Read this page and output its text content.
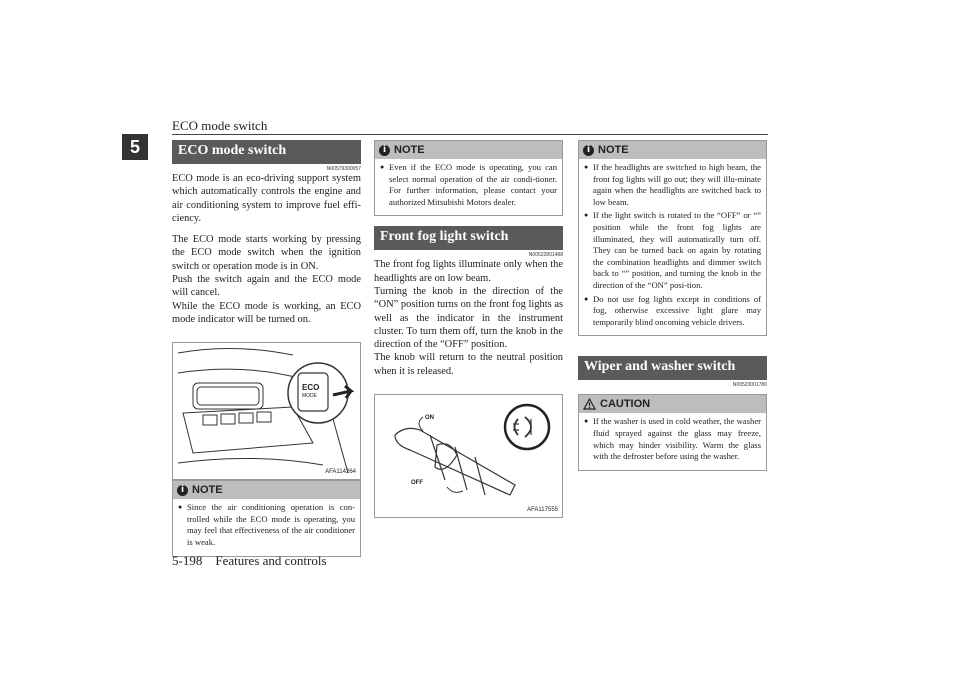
ECO mode switch
5	ECO mode switch
N00579300057

ECO mode is an eco-driving support system which automatically controls the engine and air conditioning system to improve fuel effi-ciency.

The ECO mode starts working by pressing the ECO mode switch when the ignition switch or operation mode is in ON.

Push the switch again and the ECO mode will cancel.

While the ECO mode is working, an ECO mode indicator will be turned on.

ECO
MODE
AFA114264
i NOTE
● Since the air conditioning operation is con-trolled while the ECO mode is operating, you may feel that effectiveness of the air conditioner is weak.
i NOTE
● Even if the ECO mode is operating, you can select normal operation of the air condi-tioner. For further information, please contact your authorized Mitsubishi Motors dealer.
Front fog light switch
N00522801488

The front fog lights illuminate only when the headlights are on low beam.

Turning the knob in the direction of the “ON” position turns on the front fog lights as well as the indicator in the instrument cluster. To turn them off, turn the knob in the direction of the “OFF” position.

The knob will return to the neutral position when it is released.

ON
OFF
AFA117555
i NOTE
● If the headlights are switched to high beam, the front fog lights will go out; they will illu-minate again when the headlights are switched back to low beam.
● If the light switch is rotated to the “OFF” or “” position while the front fog lights are illuminated, they will automatically turn off. They can be turned back on again by rotating the combination headlights and dimmer switch back to “” position, and turning the knob in the direction of the “ON” posi-tion.
● Do not use fog lights except in conditions of fog, otherwise excessive light glare may temporarily blind oncoming vehicle drivers.
Wiper and washer switch
N00523001780
CAUTION
● If the washer is used in cold weather, the washer fluid sprayed against the glass may freeze, which may hinder visibility. Warm the glass with the defroster before using the washer.
5-198 Features and controls
